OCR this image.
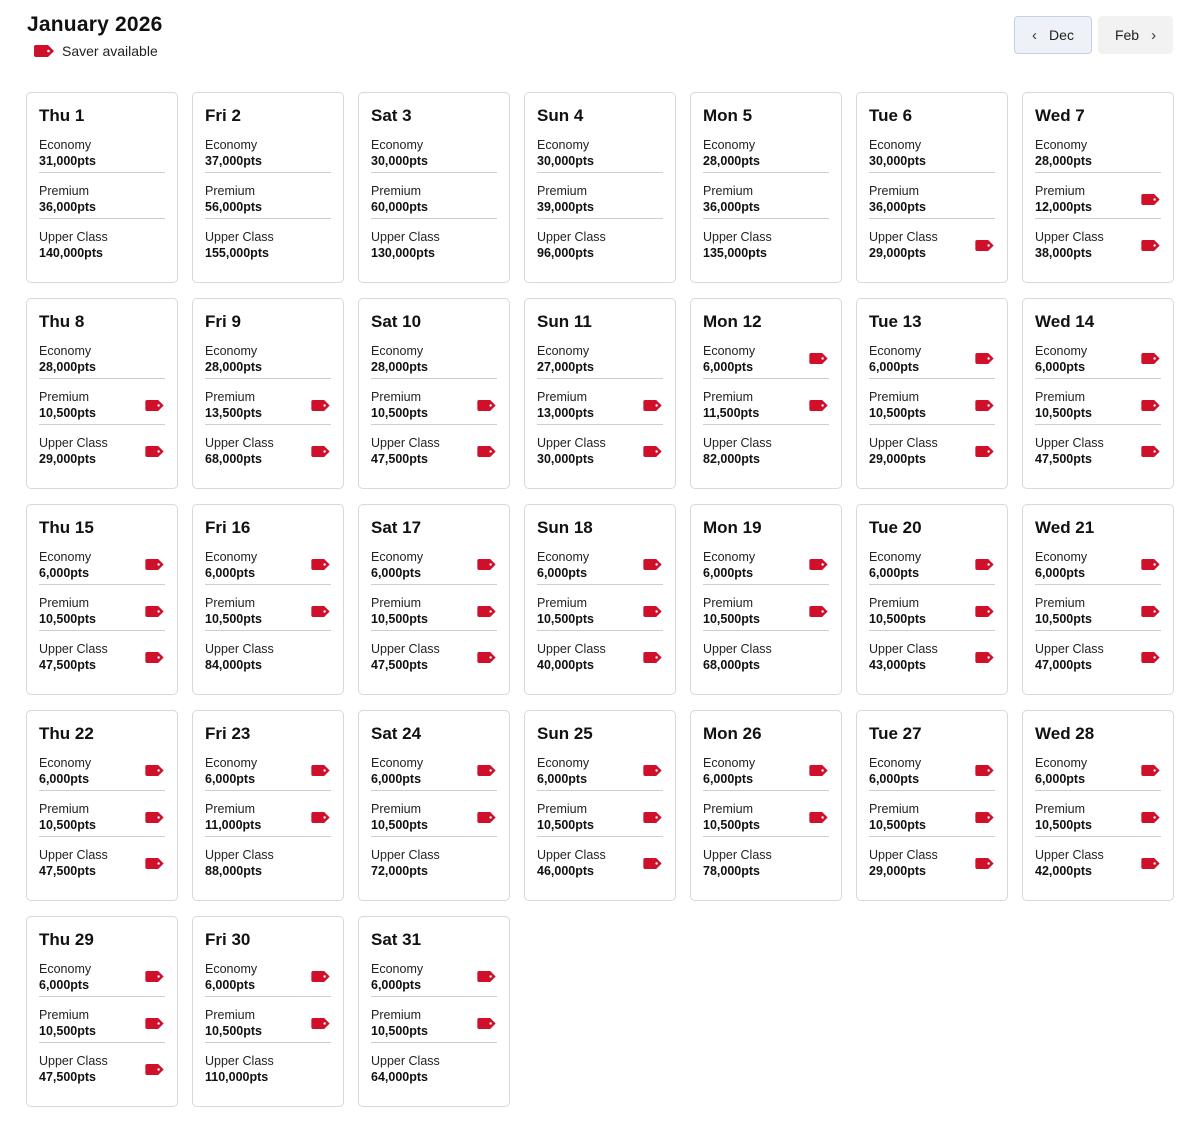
January 2026
Saver available
‹ Dec	Feb ›
Thu 1
Economy
31,000pts
Premium
36,000pts
Upper Class
140,000pts
Fri 2
Economy
37,000pts
Premium
56,000pts
Upper Class
155,000pts
Sat 3
Economy
30,000pts
Premium
60,000pts
Upper Class
130,000pts
Sun 4
Economy
30,000pts
Premium
39,000pts
Upper Class
96,000pts
Mon 5
Economy
28,000pts
Premium
36,000pts
Upper Class
135,000pts
Tue 6
Economy
30,000pts
Premium
36,000pts
Upper Class
29,000pts
Wed 7
Economy
28,000pts
Premium
12,000pts
Upper Class
38,000pts
Thu 8
Economy
28,000pts
Premium
10,500pts
Upper Class
29,000pts
Fri 9
Economy
28,000pts
Premium
13,500pts
Upper Class
68,000pts
Sat 10
Economy
28,000pts
Premium
10,500pts
Upper Class
47,500pts
Sun 11
Economy
27,000pts
Premium
13,000pts
Upper Class
30,000pts
Mon 12
Economy
6,000pts
Premium
11,500pts
Upper Class
82,000pts
Tue 13
Economy
6,000pts
Premium
10,500pts
Upper Class
29,000pts
Wed 14
Economy
6,000pts
Premium
10,500pts
Upper Class
47,500pts
Thu 15
Economy
6,000pts
Premium
10,500pts
Upper Class
47,500pts
Fri 16
Economy
6,000pts
Premium
10,500pts
Upper Class
84,000pts
Sat 17
Economy
6,000pts
Premium
10,500pts
Upper Class
47,500pts
Sun 18
Economy
6,000pts
Premium
10,500pts
Upper Class
40,000pts
Mon 19
Economy
6,000pts
Premium
10,500pts
Upper Class
68,000pts
Tue 20
Economy
6,000pts
Premium
10,500pts
Upper Class
43,000pts
Wed 21
Economy
6,000pts
Premium
10,500pts
Upper Class
47,000pts
Thu 22
Economy
6,000pts
Premium
10,500pts
Upper Class
47,500pts
Fri 23
Economy
6,000pts
Premium
11,000pts
Upper Class
88,000pts
Sat 24
Economy
6,000pts
Premium
10,500pts
Upper Class
72,000pts
Sun 25
Economy
6,000pts
Premium
10,500pts
Upper Class
46,000pts
Mon 26
Economy
6,000pts
Premium
10,500pts
Upper Class
78,000pts
Tue 27
Economy
6,000pts
Premium
10,500pts
Upper Class
29,000pts
Wed 28
Economy
6,000pts
Premium
10,500pts
Upper Class
42,000pts
Thu 29
Economy
6,000pts
Premium
10,500pts
Upper Class
47,500pts
Fri 30
Economy
6,000pts
Premium
10,500pts
Upper Class
110,000pts
Sat 31
Economy
6,000pts
Premium
10,500pts
Upper Class
64,000pts
